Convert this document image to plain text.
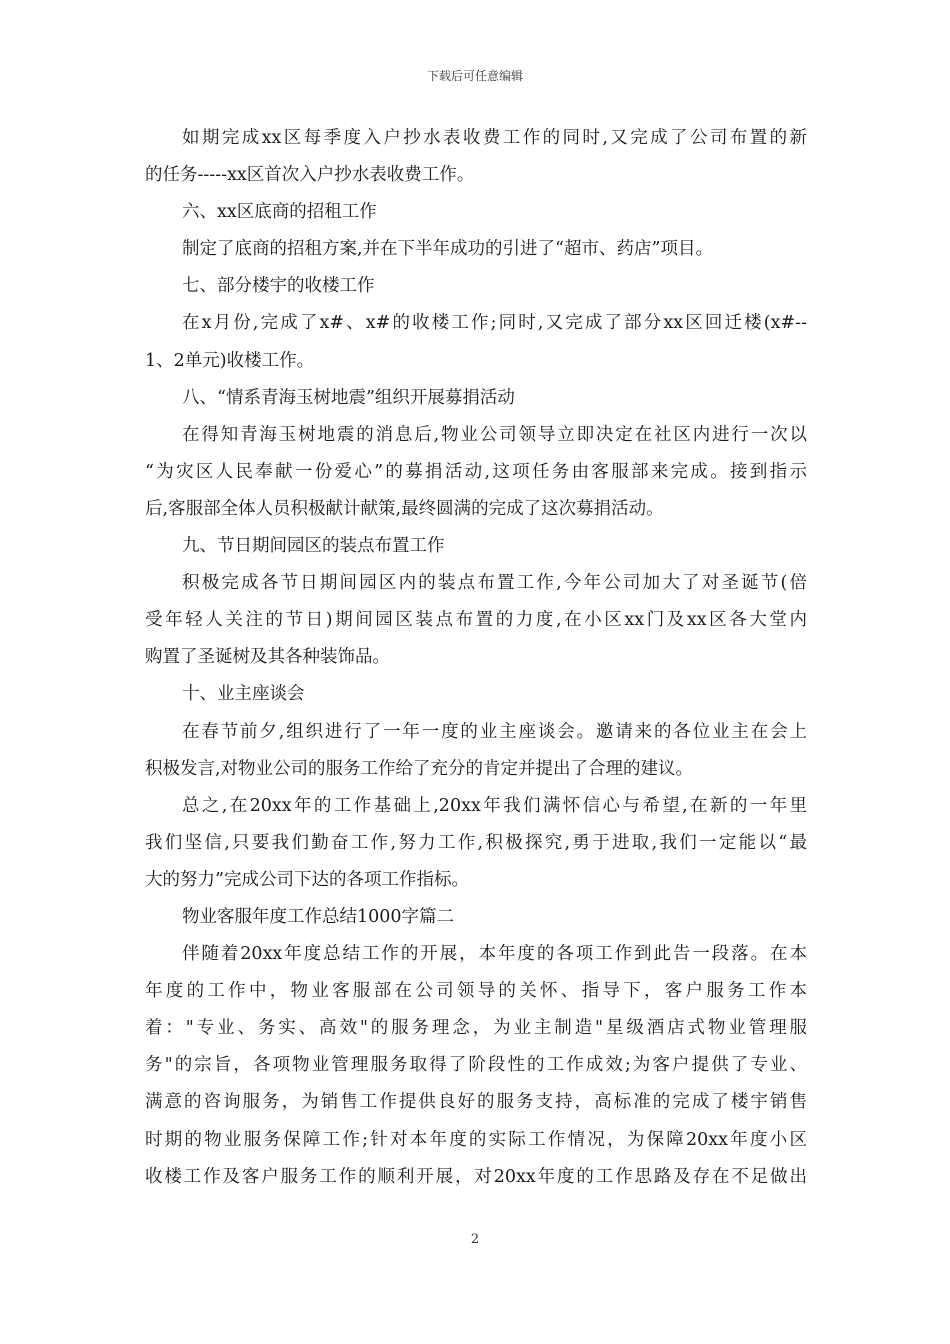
下载后可任意编辑
如期完成xx区每季度入户抄水表收费工作的同时,又完成了公司布置的新
的任务-----xx区首次入户抄水表收费工作。
六、xx区底商的招租工作
制定了底商的招租方案,并在下半年成功的引进了“超市、药店”项目。
七、部分楼宇的收楼工作
在x月份,完成了x#、x#的收楼工作;同时,又完成了部分xx区回迁楼(x#--
1、2单元)收楼工作。
八、“情系青海玉树地震”组织开展募捐活动
在得知青海玉树地震的消息后,物业公司领导立即决定在社区内进行一次以
“为灾区人民奉献一份爱心”的募捐活动,这项任务由客服部来完成。接到指示
后,客服部全体人员积极献计献策,最终圆满的完成了这次募捐活动。
九、节日期间园区的装点布置工作
积极完成各节日期间园区内的装点布置工作,今年公司加大了对圣诞节(倍
受年轻人关注的节日)期间园区装点布置的力度,在小区xx门及xx区各大堂内
购置了圣诞树及其各种装饰品。
十、业主座谈会
在春节前夕,组织进行了一年一度的业主座谈会。邀请来的各位业主在会上
积极发言,对物业公司的服务工作给了充分的肯定并提出了合理的建议。
总之,在20xx年的工作基础上,20xx年我们满怀信心与希望,在新的一年里
我们坚信,只要我们勤奋工作,努力工作,积极探究,勇于进取,我们一定能以“最
大的努力”完成公司下达的各项工作指标。
物业客服年度工作总结1000字篇二
伴随着20xx年度总结工作的开展，本年度的各项工作到此告一段落。在本
年度的工作中，物业客服部在公司领导的关怀、指导下，客户服务工作本
着："专业、务实、高效"的服务理念，为业主制造"星级酒店式物业管理服
务"的宗旨，各项物业管理服务取得了阶段性的工作成效;为客户提供了专业、
满意的咨询服务，为销售工作提供良好的服务支持，高标准的完成了楼宇销售
时期的物业服务保障工作;针对本年度的实际工作情况，为保障20xx年度小区
收楼工作及客户服务工作的顺利开展，对20xx年度的工作思路及存在不足做出
2
